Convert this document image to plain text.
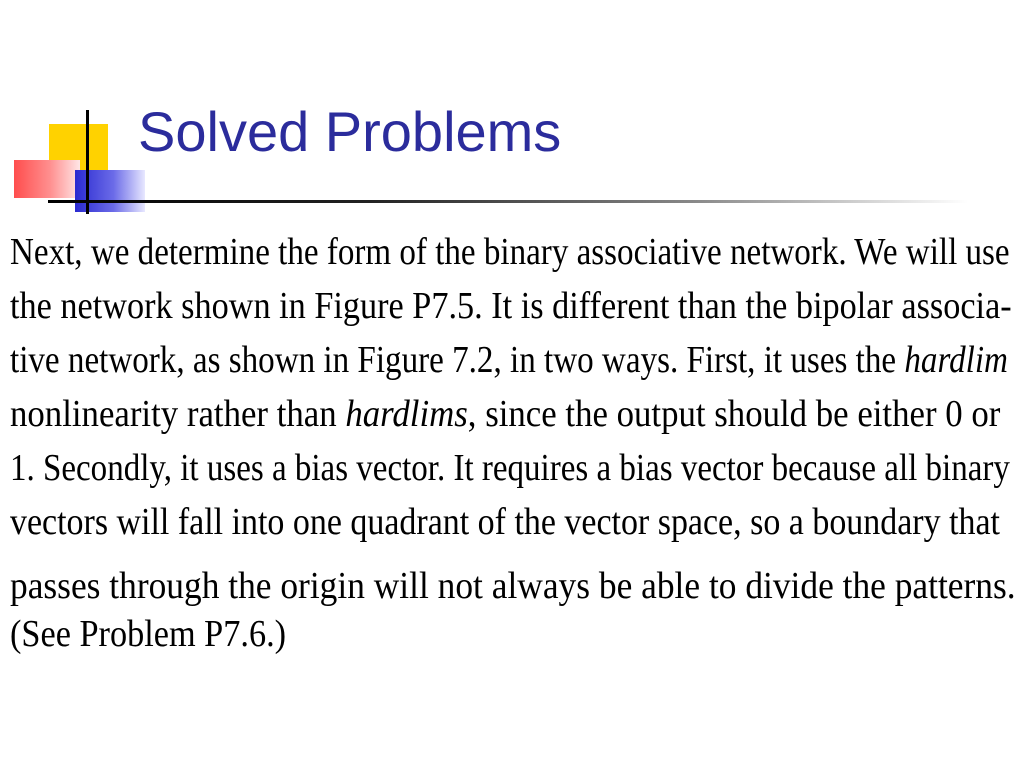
Solved Problems
Next, we determine the form of the binary associative network. We will use
the network shown in Figure P7.5. It is different than the bipolar associa-
tive network, as shown in Figure 7.2, in two ways. First, it uses the hardlim
nonlinearity rather than hardlims, since the output should be either 0 or
1. Secondly, it uses a bias vector. It requires a bias vector because all binary
vectors will fall into one quadrant of the vector space, so a boundary that
passes through the origin will not always be able to divide the patterns.
(See Problem P7.6.)
